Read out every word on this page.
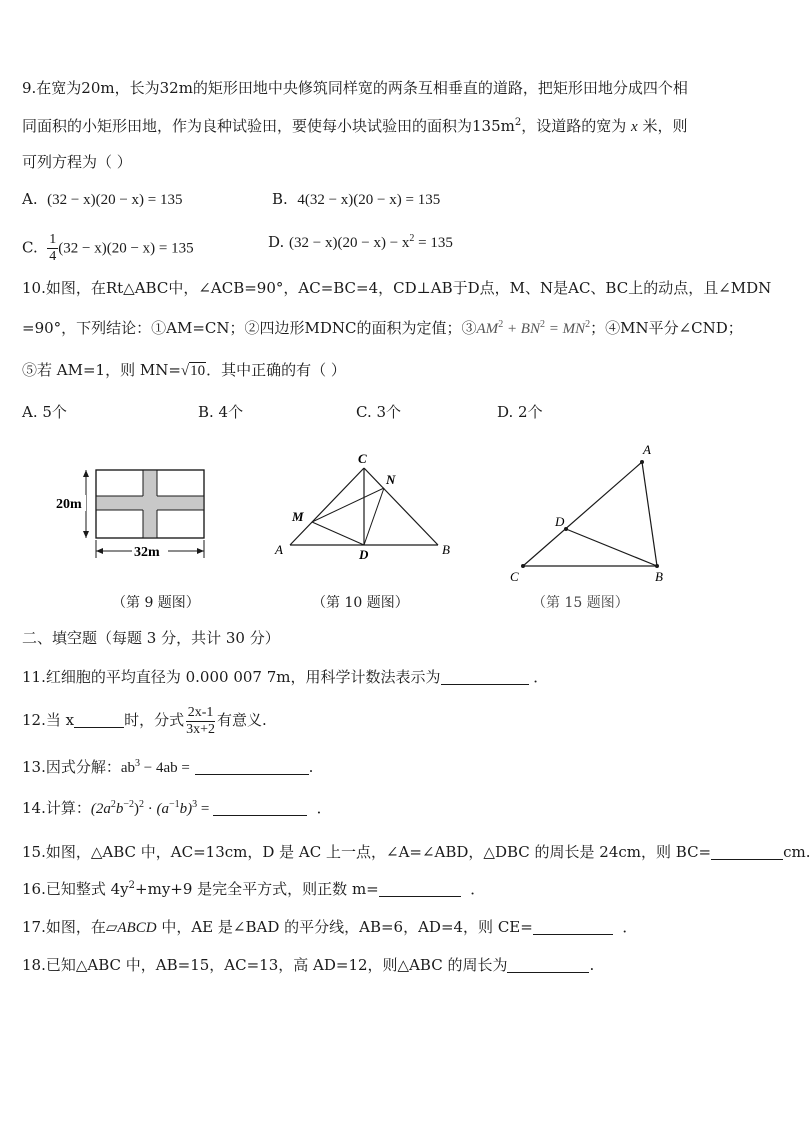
9.在宽为20m，长为32m的矩形田地中央修筑同样宽的两条互相垂直的道路，把矩形田地分成四个相
同面积的小矩形田地，作为良种试验田，要使每小块试验田的面积为$135m^2$，设道路的宽为 x 米，则
可列方程为（ ）
A. (32 − x)(20 − x) = 135	B. 4(32 − x)(20 − x) = 135
C. $\frac{1}{4} (32 - x)(20 - x) = 135$	D. $(32 - x)(20 - x) - x^2 = 135$
10.如图，在Rt△ABC中，∠ACB=90°，AC=BC=4，CD⊥AB于D点，M、N是AC、BC上的动点，且∠MDN
=90°，下列结论：①AM=CN；②四边形MDNC的面积为定值；$③AM^2 + BN^2 = MN^2$；④MN平分∠CND；
⑤若 AM=1，则 MN=√10．其中正确的有（ ）
A. 5个	B. 4个	C. 3个	D. 2个
20m
32m
（第 9 题图）
A	B
C
D
M
N
（第 10 题图）
A
B
C
D
（第 15 题图）
二、填空题（每题 3 分，共计 30 分）
11.红细胞的平均直径为 0.000 007 7m，用科学计数法表示为	．
12.当 x	时，分式 $\frac{2x-1}{3x+2}$ 有意义.
13.因式分解：$ab^3 - 4ab$ =	.
14.计算：$(2a^2b^{-2})^2 \cdot (a^{-1}b)^3$ =	．
15.如图，△ABC 中，AC=13cm，D 是 AC 上一点，∠A=∠ABD，△DBC 的周长是 24cm，则 BC=	cm.
16.已知整式 $4y^2+my+9$ 是完全平方式，则正数 m=	．
17.如图，在▱ABCD 中，AE 是∠BAD 的平分线，AB=6，AD=4，则 CE=	．
18.已知△ABC 中，AB=15，AC=13，高 AD=12，则△ABC 的周长为	.
